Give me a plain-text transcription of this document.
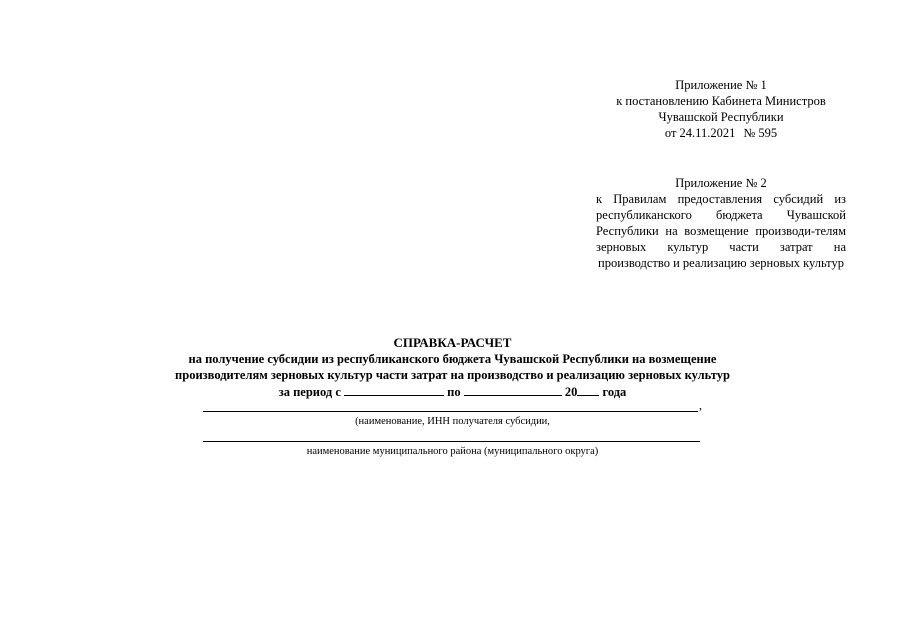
Приложение № 1
к постановлению Кабинета Министров
Чувашской Республики
от 24.11.2021 № 595
Приложение № 2
к Правилам предоставления субсидий из республиканского бюджета Чувашской Республики на возмещение производи-телям зерновых культур части затрат на производство и реализацию зерновых культур
СПРАВКА-РАСЧЕТ
на получение субсидии из республиканского бюджета Чувашской Республики на возмещение
производителям зерновых культур части затрат на производство и реализацию зерновых культур
за период с	по	20 года
,
(наименование, ИНН получателя субсидии,
наименование муниципального района (муниципального округа)
